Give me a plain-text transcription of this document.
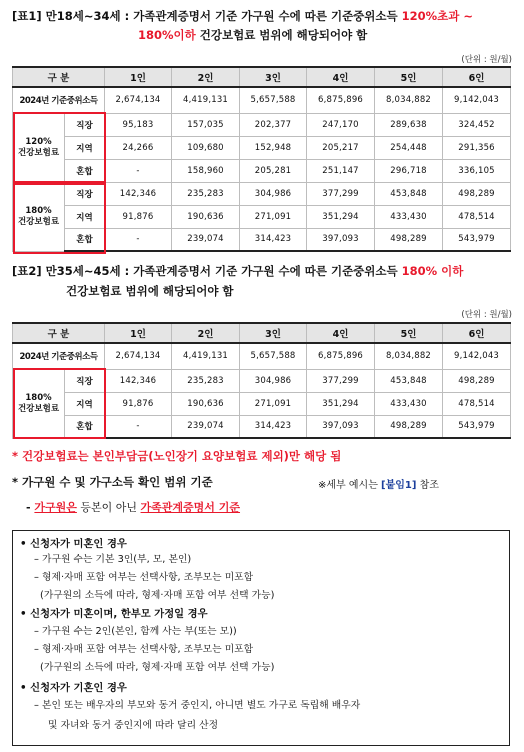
[표1] 만18세~34세 : 가족관계증명서 기준 가구원 수에 따른 기준중위소득 120%초과 ~
180%이하 건강보험료 범위에 해당되어야 함
(단위 : 원/월)
구 분		1인	2인	3인	4인	5인	6인
2024년 기준중위소득		2,674,134	4,419,131	5,657,588	6,875,896	8,034,882	9,142,043
120%
건강보험료	직장	95,183	157,035	202,377	247,170	289,638	324,452
	지역	24,266	109,680	152,948	205,217	254,448	291,356
	혼합	-	158,960	205,281	251,147	296,718	336,105
180%
건강보험료	직장	142,346	235,283	304,986	377,299	453,848	498,289
	지역	91,876	190,636	271,091	351,294	433,430	478,514
	혼합	-	239,074	314,423	397,093	498,289	543,979
[표2] 만35세~45세 : 가족관계증명서 기준 가구원 수에 따른 기준중위소득 180% 이하
건강보험료 범위에 해당되어야 함
(단위 : 원/월)
구 분		1인	2인	3인	4인	5인	6인
2024년 기준중위소득		2,674,134	4,419,131	5,657,588	6,875,896	8,034,882	9,142,043
180%
건강보험료	직장	142,346	235,283	304,986	377,299	453,848	498,289
	지역	91,876	190,636	271,091	351,294	433,430	478,514
	혼합	-	239,074	314,423	397,093	498,289	543,979
* 건강보험료는 본인부담금(노인장기 요양보험료 제외)만 해당 됨
* 가구원 수 및 가구소득 확인 범위 기준	※세부 예시는 [붙임1] 참조
- 가구원은 등본이 아닌 가족관계증명서 기준
• 신청자가 미혼인 경우
– 가구원 수는 기본 3인(부, 모, 본인)
– 형제·자매 포함 여부는 선택사항, 조부모는 미포함
(가구원의 소득에 따라, 형제·자매 포함 여부 선택 가능)
• 신청자가 미혼이며, 한부모 가정일 경우
– 가구원 수는 2인(본인, 함께 사는 부(또는 모))
– 형제·자매 포함 여부는 선택사항, 조부모는 미포함
(가구원의 소득에 따라, 형제·자매 포함 여부 선택 가능)
• 신청자가 기혼인 경우
– 본인 또는 배우자의 부모와 동거 중인지, 아니면 별도 가구로 독립해 배우자
및 자녀와 동거 중인지에 따라 달리 산정
